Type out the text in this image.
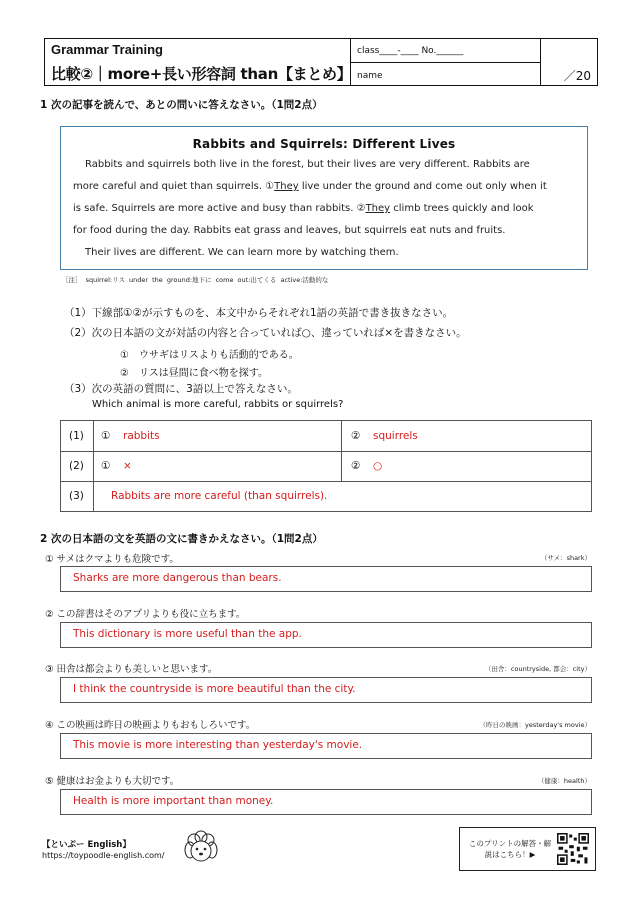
Grammar Training
比較②｜more+長い形容詞 than【まとめ】
class____-____ No.______
name	／20
1 次の記事を読んで、あとの問いに答えなさい。（1問2点）
Rabbits and Squirrels: Different Lives
Rabbits and squirrels both live in the forest, but their lives are very different. Rabbits are
more careful and quiet than squirrels. ①They live under the ground and come out only when it
is safe. Squirrels are more active and busy than rabbits. ②They climb trees quickly and look
for food during the day. Rabbits eat grass and leaves, but squirrels eat nuts and fruits.
Their lives are different. We can learn more by watching them.
［注］ squirrel:リス under the ground:地下に come out:出てくる active:活動的な
（1）下線部①②が示すものを、本文中からそれぞれ1語の英語で書き抜きなさい。
（2）次の日本語の文が対話の内容と合っていれば○、違っていれば×を書きなさい。
①　ウサギはリスよりも活動的である。
②　リスは昼間に食べ物を探す。
（3）次の英語の質問に、3語以上で答えなさい。
Which animal is more careful, rabbits or squirrels?
(1) ① rabbits	② squirrels
(2) ① ×	② ○
(3)	Rabbits are more careful (than squirrels).
2 次の日本語の文を英語の文に書きかえなさい。（1問2点）
① サメはクマよりも危険です。	（サメ：shark）
Sharks are more dangerous than bears.
② この辞書はそのアプリよりも役に立ちます。
This dictionary is more useful than the app.
③ 田舎は都会よりも美しいと思います。	（田舎：countryside, 都会：city）
I think the countryside is more beautiful than the city.
④ この映画は昨日の映画よりもおもしろいです。	（昨日の映画：yesterday's movie）
This movie is more interesting than yesterday's movie.
⑤ 健康はお金よりも大切です。	（健康：health）
Health is more important than money.
【といぷー English】
https://toypoodle-english.com/
このプリントの解答・解説はこちら！▶
